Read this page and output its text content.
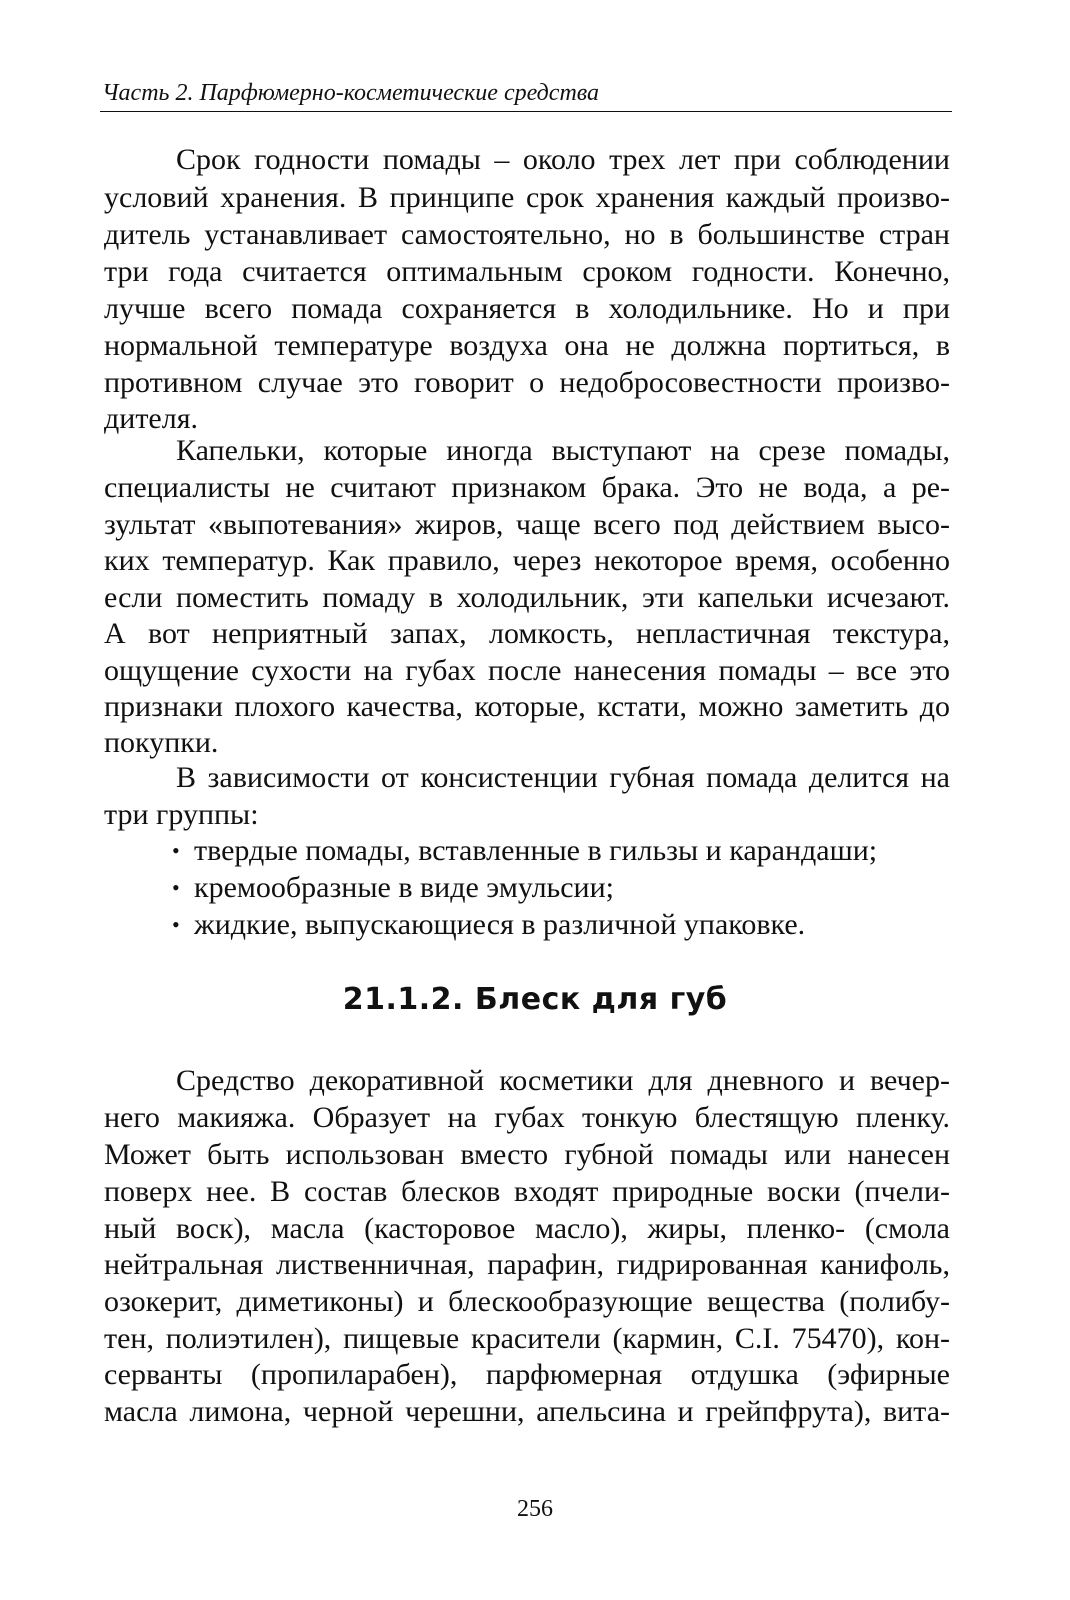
Часть 2. Парфюмерно-косметические средства
Срок годности помады – около трех лет при соблюдении
условий хранения. В принципе срок хранения каждый произво-
дитель устанавливает самостоятельно, но в большинстве стран
три года считается оптимальным сроком годности. Конечно,
лучше всего помада сохраняется в холодильнике. Но и при
нормальной температуре воздуха она не должна портиться, в
противном случае это говорит о недобросовестности произво-
дителя.
Капельки, которые иногда выступают на срезе помады,
специалисты не считают признаком брака. Это не вода, а ре-
зультат «выпотевания» жиров, чаще всего под действием высо-
ких температур. Как правило, через некоторое время, особенно
если поместить помаду в холодильник, эти капельки исчезают.
А вот неприятный запах, ломкость, непластичная текстура,
ощущение сухости на губах после нанесения помады – все это
признаки плохого качества, которые, кстати, можно заметить до
покупки.
В зависимости от консистенции губная помада делится на
три группы:
• твердые помады, вставленные в гильзы и карандаши;
• кремообразные в виде эмульсии;
• жидкие, выпускающиеся в различной упаковке.
21.1.2. Блеск для губ
Средство декоративной косметики для дневного и вечер-
него макияжа. Образует на губах тонкую блестящую пленку.
Может быть использован вместо губной помады или нанесен
поверх нее. В состав блесков входят природные воски (пчели-
ный воск), масла (касторовое масло), жиры, пленко- (смола
нейтральная лиственничная, парафин, гидрированная канифоль,
озокерит, диметиконы) и блескообразующие вещества (полибу-
тен, полиэтилен), пищевые красители (кармин, C.I. 75470), кон-
серванты (пропиларабен), парфюмерная отдушка (эфирные
масла лимона, черной черешни, апельсина и грейпфрута), вита-
256
